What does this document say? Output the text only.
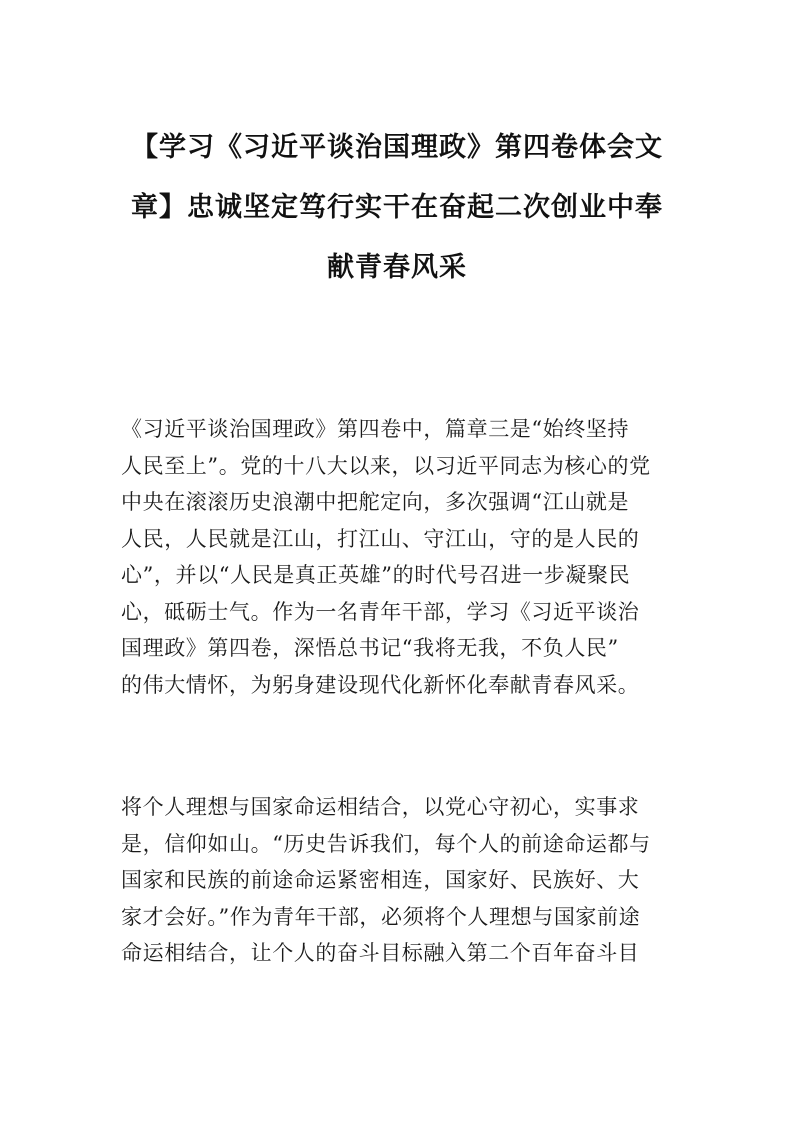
【学习《习近平谈治国理政》第四卷体会文
章】忠诚坚定笃行实干在奋起二次创业中奉
献青春风采
《习近平谈治国理政》第四卷中，篇章三是“始终坚持
人民至上”。党的十八大以来，以习近平同志为核心的党
中央在滚滚历史浪潮中把舵定向，多次强调“江山就是
人民，人民就是江山，打江山、守江山，守的是人民的
心”，并以“人民是真正英雄”的时代号召进一步凝聚民
心，砥砺士气。作为一名青年干部，学习《习近平谈治
国理政》第四卷，深悟总书记“我将无我，不负人民”
的伟大情怀，为躬身建设现代化新怀化奉献青春风采。
将个人理想与国家命运相结合，以党心守初心，实事求
是，信仰如山。“历史告诉我们，每个人的前途命运都与
国家和民族的前途命运紧密相连，国家好、民族好、大
家才会好。”作为青年干部，必须将个人理想与国家前途
命运相结合，让个人的奋斗目标融入第二个百年奋斗目
